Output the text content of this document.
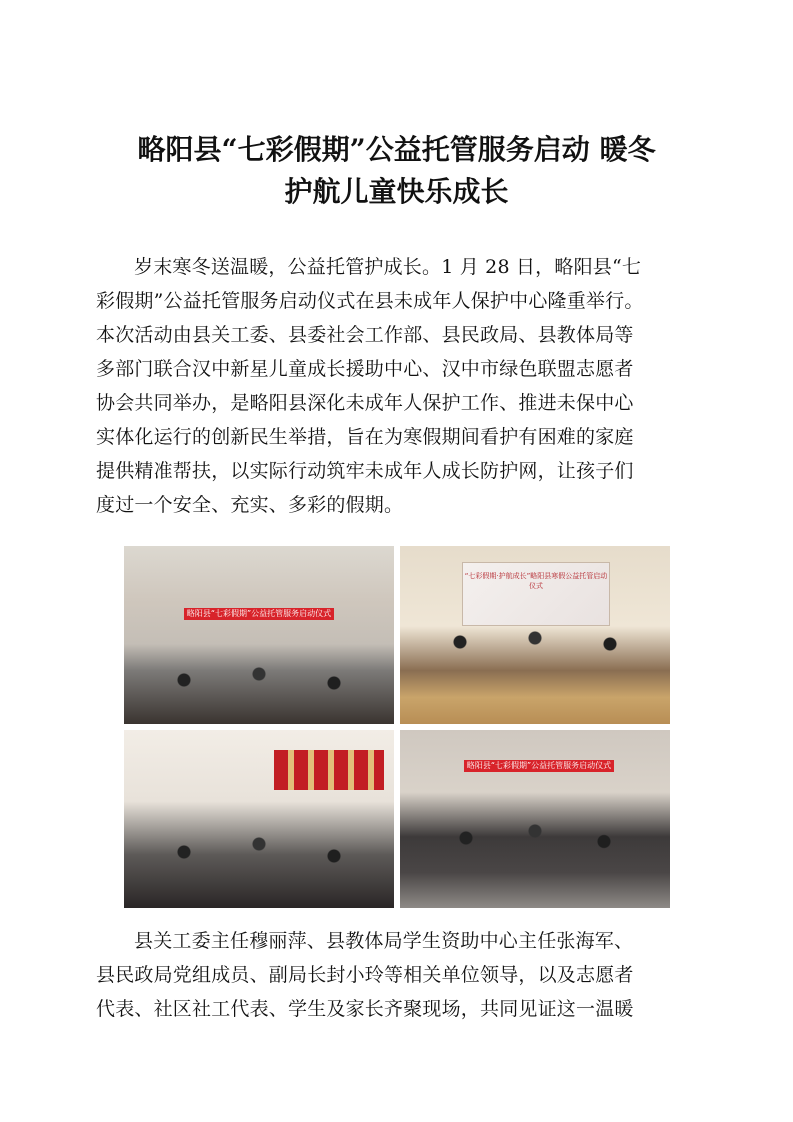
略阳县“七彩假期”公益托管服务启动 暖冬
护航儿童快乐成长
岁末寒冬送温暖，公益托管护成长。1 月 28 日，略阳县“七
彩假期”公益托管服务启动仪式在县未成年人保护中心隆重举行。
本次活动由县关工委、县委社会工作部、县民政局、县教体局等
多部门联合汉中新星儿童成长援助中心、汉中市绿色联盟志愿者
协会共同举办，是略阳县深化未成年人保护工作、推进未保中心
实体化运行的创新民生举措，旨在为寒假期间看护有困难的家庭
提供精准帮扶，以实际行动筑牢未成年人成长防护网，让孩子们
度过一个安全、充实、多彩的假期。
略阳县“七彩假期”公益托管服务启动仪式
“七彩假期·护航成长”略阳县寒假公益托管启动仪式
略阳县“七彩假期”公益托管服务启动仪式
县关工委主任穆丽萍、县教体局学生资助中心主任张海军、
县民政局党组成员、副局长封小玲等相关单位领导，以及志愿者
代表、社区社工代表、学生及家长齐聚现场，共同见证这一温暖
